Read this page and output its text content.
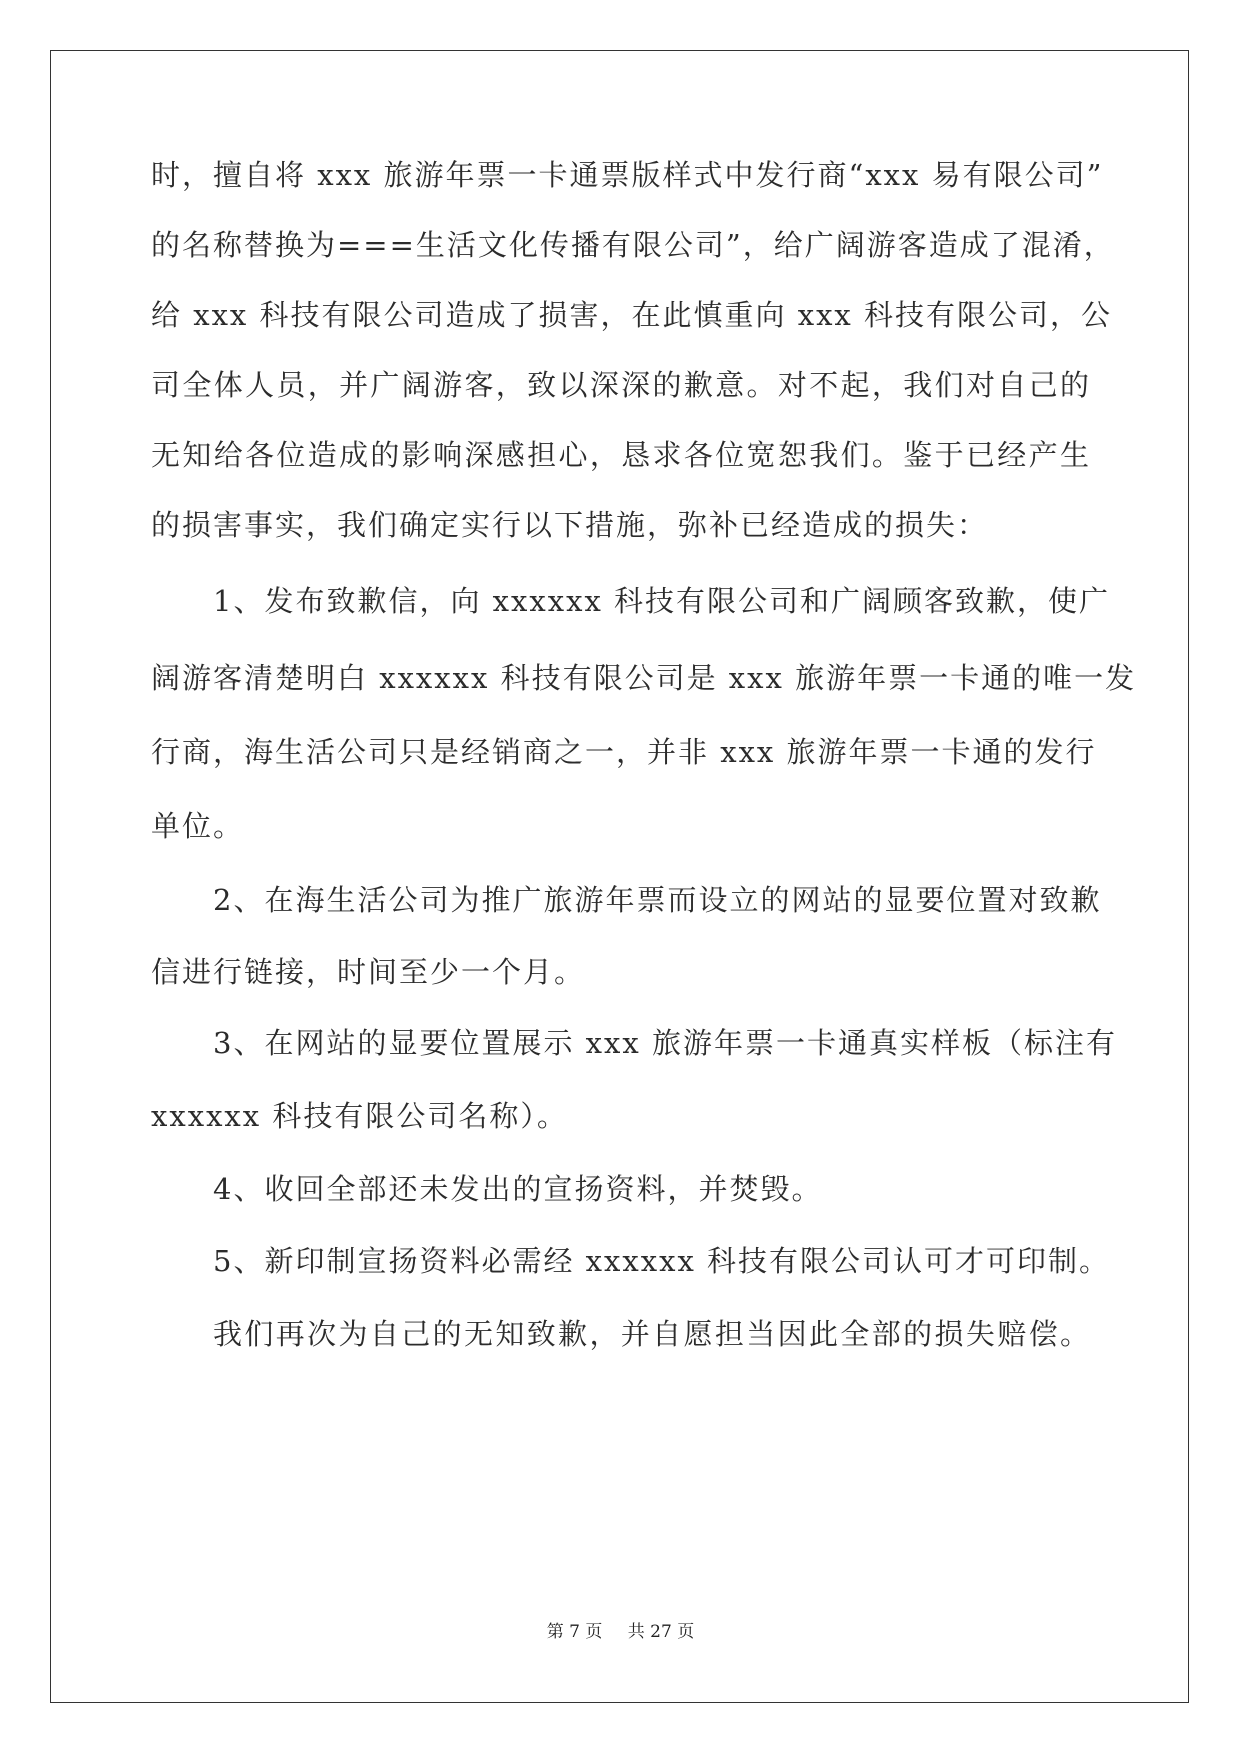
时，擅自将 xxx 旅游年票一卡通票版样式中发行商“xxx 易有限公司”
的名称替换为===生活文化传播有限公司”，给广阔游客造成了混淆，
给 xxx 科技有限公司造成了损害，在此慎重向 xxx 科技有限公司，公
司全体人员，并广阔游客，致以深深的歉意。对不起，我们对自己的
无知给各位造成的影响深感担心，恳求各位宽恕我们。鉴于已经产生
的损害事实，我们确定实行以下措施，弥补已经造成的损失：
1、发布致歉信，向 xxxxxx 科技有限公司和广阔顾客致歉，使广
阔游客清楚明白 xxxxxx 科技有限公司是 xxx 旅游年票一卡通的唯一发
行商，海生活公司只是经销商之一，并非 xxx 旅游年票一卡通的发行
单位。
2、在海生活公司为推广旅游年票而设立的网站的显要位置对致歉
信进行链接，时间至少一个月。
3、在网站的显要位置展示 xxx 旅游年票一卡通真实样板（标注有
xxxxxx 科技有限公司名称）。
4、收回全部还未发出的宣扬资料，并焚毁。
5、新印制宣扬资料必需经 xxxxxx 科技有限公司认可才可印制。
我们再次为自己的无知致歉，并自愿担当因此全部的损失赔偿。
第 7 页 共 27 页
